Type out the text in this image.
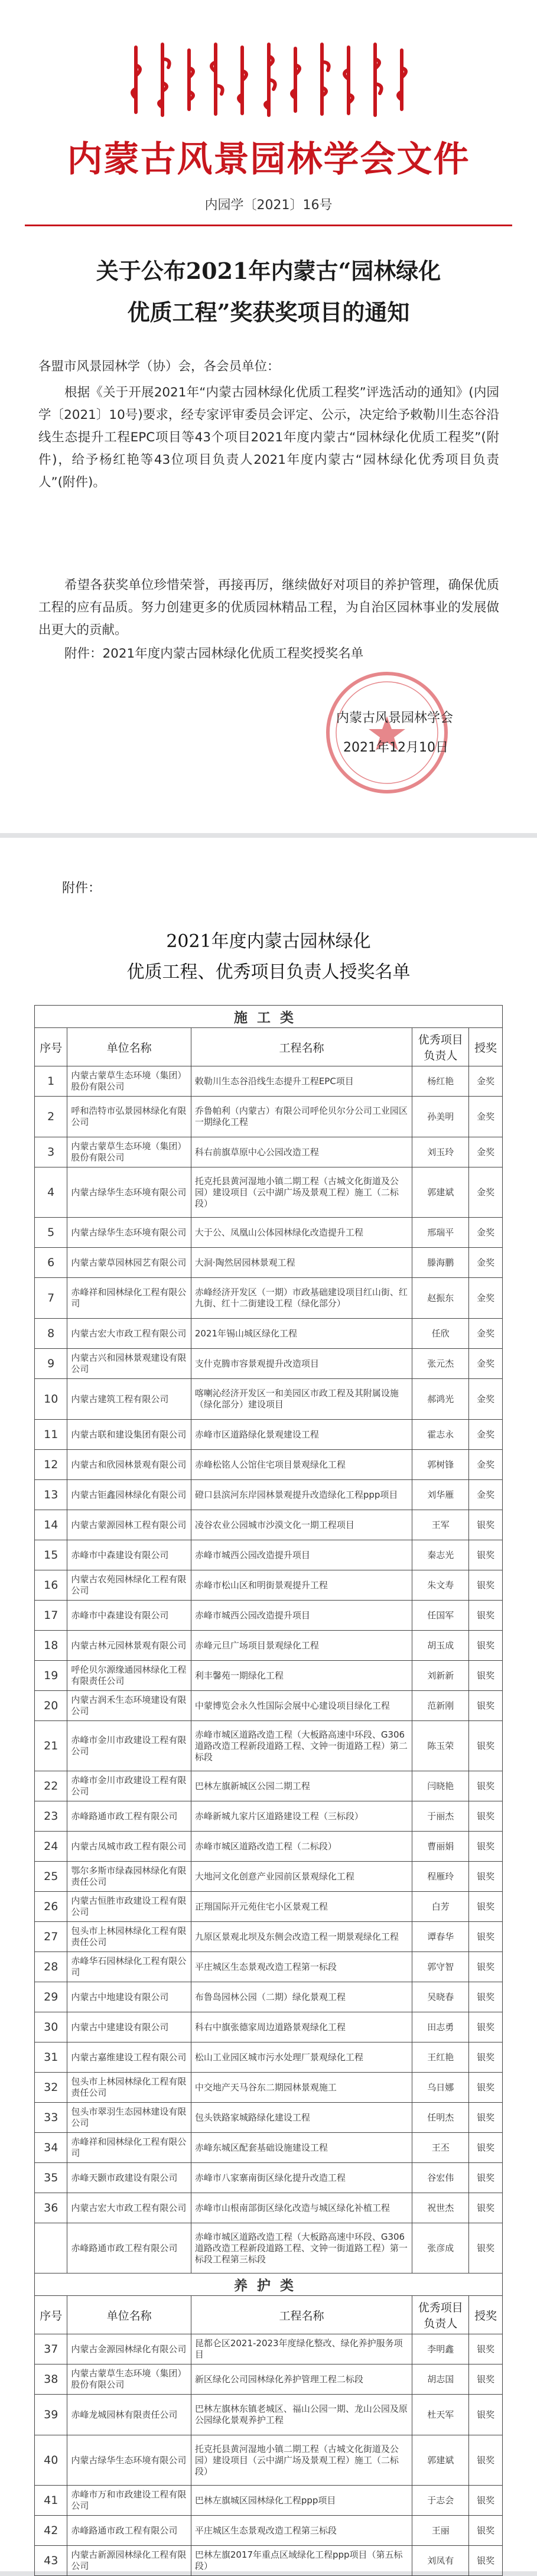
内蒙古风景园林学会文件
内园学〔2021〕16号
关于公布2021年内蒙古“园林绿化
优质工程”奖获奖项目的通知
各盟市风景园林学（协）会，各会员单位：
根据《关于开展2021年“内蒙古园林绿化优质工程奖”评选活动的通知》(内园学〔2021〕10号)要求，经专家评审委员会评定、公示，决定给予敕勒川生态谷沿线生态提升工程EPC项目等43个项目2021年度内蒙古“园林绿化优质工程奖”(附件)，给予杨红艳等43位项目负责人2021年度内蒙古“园林绿化优秀项目负责人”(附件)。
希望各获奖单位珍惜荣誉，再接再厉，继续做好对项目的养护管理，确保优质工程的应有品质。努力创建更多的优质园林精品工程，为自治区园林事业的发展做出更大的贡献。
附件：2021年度内蒙古园林绿化优质工程奖授奖名单
内蒙古风景园林学会
2021年12月10日
附件：
2021年度内蒙古园林绿化
优质工程、优秀项目负责人授奖名单
施工类				
序号	单位名称	工程名称	优秀项目负责人	授奖
1	内蒙古蒙草生态环境（集团）股份有限公司	敕勒川生态谷沿线生态提升工程EPC项目	杨红艳	金奖
2	呼和浩特市弘景园林绿化有限公司	乔鲁帕利（内蒙古）有限公司呼伦贝尔分公司工业园区一期绿化工程	孙美明	金奖
3	内蒙古蒙草生态环境（集团）股份有限公司	科右前旗草原中心公园改造工程	刘玉玲	金奖
4	内蒙古绿华生态环境有限公司	托克托县黄河湿地小镇二期工程（古城文化街道及公园）建设项目（云中湖广场及景观工程）施工（二标段）	郭建斌	金奖
5	内蒙古绿华生态环境有限公司	大于公、凤凰山公体园林绿化改造提升工程	邢瑞平	金奖
6	内蒙古蒙草园林园艺有限公司	大洞·陶然居园林景观工程	滕海鹏	金奖
7	赤峰祥和园林绿化工程有限公司	赤峰经济开发区（一期）市政基础建设项目红山街、红九街、红十二街建设工程（绿化部分）	赵振东	金奖
8	内蒙古宏大市政工程有限公司	2021年锡山城区绿化工程	任欣	金奖
9	内蒙古兴和园林景观建设有限公司	支什克腾市容景观提升改造项目	张元杰	金奖
10	内蒙古建筑工程有限公司	喀喇沁经济开发区一和美园区市政工程及其附属设施（绿化部分）建设项目	郝鸿光	金奖
11	内蒙古联和建设集团有限公司	赤峰市区道路绿化景观建设工程	霍志永	金奖
12	内蒙古和欣园林景观有限公司	赤峰松铭人公馆住宅项目景观绿化工程	郭树锋	金奖
13	内蒙古钜鑫园林绿化有限公司	磴口县滨河东岸园林景观提升改造绿化工程ppp项目	刘华雁	金奖
14	内蒙古蒙源园林工程有限公司	凌谷农业公园城市沙漠文化一期工程项目	王军	银奖
15	赤峰市中森建设有限公司	赤峰市城西公园改造提升项目	秦志光	银奖
16	内蒙古农苑园林绿化工程有限公司	赤峰市松山区和明街景观提升工程	朱文寿	银奖
17	赤峰市中森建设有限公司	赤峰市城西公园改造提升项目	任国军	银奖
18	内蒙古林元园林景观有限公司	赤峰元旦广场项目景观绿化工程	胡玉成	银奖
19	呼伦贝尔源缘通园林绿化工程有限责任公司	利丰馨苑一期绿化工程	刘新新	银奖
20	内蒙古润禾生态环境建设有限公司	中蒙博览会永久性国际会展中心建设项目绿化工程	范新刚	银奖
21	赤峰市金川市政建设工程有限公司	赤峰市城区道路改造工程（大板路高速中环段、G306道路改造工程新段道路工程、文钟一街道路工程）第二标段	陈玉荣	银奖
22	赤峰市金川市政建设工程有限公司	巴林左旗新城区公园二期工程	闫晓艳	银奖
23	赤峰路通市政工程有限公司	赤峰新城九家片区道路建设工程（三标段）	于丽杰	银奖
24	内蒙古凤城市政工程有限公司	赤峰市城区道路改造工程（二标段）	曹丽娟	银奖
25	鄂尔多斯市绿森园林绿化有限责任公司	大地河文化创意产业园前区景观绿化工程	程雁玲	银奖
26	内蒙古恒胜市政建设工程有限公司	正翔国际开元苑住宅小区景观工程	白芳	银奖
27	包头市上林园林绿化工程有限责任公司	九原区景观北坝及东侧会改造工程一期景观绿化工程	谭春华	银奖
28	赤峰华石园林绿化工程有限公司	平庄城区生态景观改造工程第一标段	郭守智	银奖
29	内蒙古中地建设有限公司	布鲁岛园林公园（二期）绿化景观工程	吴晓春	银奖
30	内蒙古中建建设有限公司	科右中旗张德家周边道路景观绿化工程	田志勇	银奖
31	内蒙古嘉维建设工程有限公司	松山工业园区城市污水处理厂景观绿化工程	王红艳	银奖
32	包头市上林园林绿化工程有限责任公司	中交地产天马谷东二期园林景观施工	乌日娜	银奖
33	包头市翠羽生态园林建设有限公司	包头铁路家城路绿化建设工程	任明杰	银奖
34	赤峰祥和园林绿化工程有限公司	赤峰东城区配套基础设施建设工程	王丕	银奖
35	赤峰天颢市政建设有限公司	赤峰市八家寨南街区绿化提升改造工程	谷宏伟	银奖
36	内蒙古宏大市政工程有限公司	赤峰市山根南部街区绿化改造与城区绿化补植工程	祝世杰	银奖
	赤峰路通市政工程有限公司	赤峰市城区道路改造工程（大板路高速中环段、G306道路改造工程新段道路工程、文钟一街道路工程）第一标段工程第三标段	张彦成	银奖
养护类				
序号	单位名称	工程名称	优秀项目负责人	授奖
37	内蒙古金源园林绿化有限公司	昆都仑区2021-2023年度绿化整改、绿化养护服务项目	李明鑫	银奖
38	内蒙古蒙草生态环境（集团）股份有限公司	新区绿化公司园林绿化养护管理工程二标段	胡志国	银奖
39	赤峰龙城园林有限责任公司	巴林左旗林东镇老城区、福山公园一期、龙山公园及原公园绿化景观养护工程	杜天军	银奖
40	内蒙古绿华生态环境有限公司	托克托县黄河湿地小镇二期工程（古城文化街道及公园）建设项目（云中湖广场及景观工程）施工（二标段）	郭建斌	银奖
41	赤峰市万和市政建设工程有限公司	巴林左旗城区园林绿化工程ppp项目	于志会	银奖
42	赤峰路通市政工程有限公司	平庄城区生态景观改造工程第三标段	王丽	银奖
43	内蒙古新源园林绿化工程有限公司	巴林左旗2017年重点区域绿化工程ppp项目（第五标段）	刘凤有	银奖
